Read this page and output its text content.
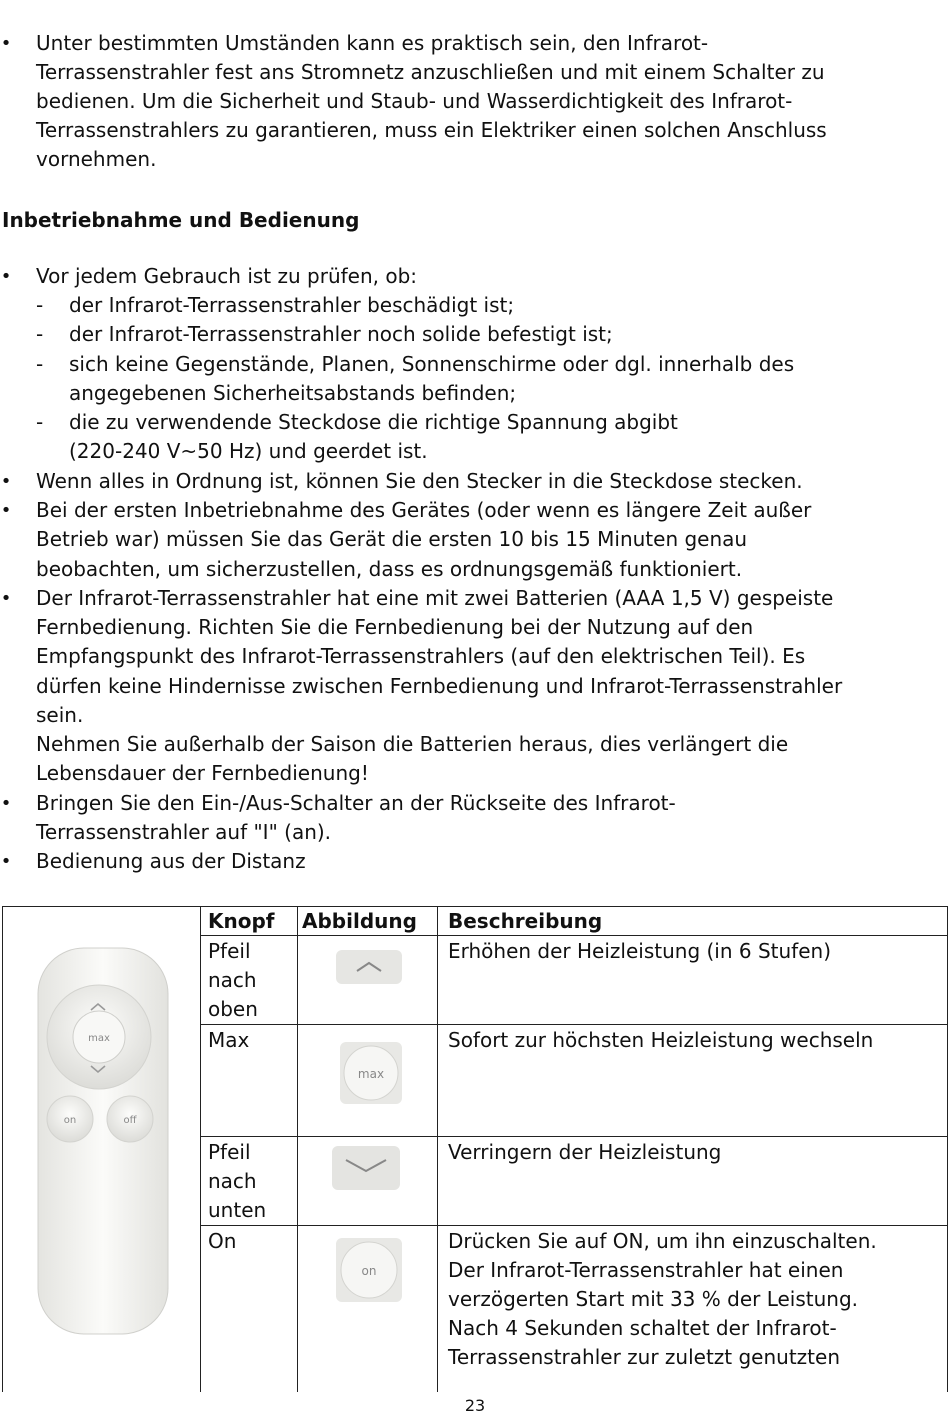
• Unter bestimmten Umständen kann es praktisch sein, den Infrarot-
Terrassenstrahler fest ans Stromnetz anzuschließen und mit einem Schalter zu
bedienen. Um die Sicherheit und Staub- und Wasserdichtigkeit des Infrarot-
Terrassenstrahlers zu garantieren, muss ein Elektriker einen solchen Anschluss
vornehmen.
Inbetriebnahme und Bedienung
• Vor jedem Gebrauch ist zu prüfen, ob:
- der Infrarot-Terrassenstrahler beschädigt ist;
- der Infrarot-Terrassenstrahler noch solide befestigt ist;
- sich keine Gegenstände, Planen, Sonnenschirme oder dgl. innerhalb des
angegebenen Sicherheitsabstands befinden;
- die zu verwendende Steckdose die richtige Spannung abgibt
(220-240 V~50 Hz) und geerdet ist.
• Wenn alles in Ordnung ist, können Sie den Stecker in die Steckdose stecken.
• Bei der ersten Inbetriebnahme des Gerätes (oder wenn es längere Zeit außer
Betrieb war) müssen Sie das Gerät die ersten 10 bis 15 Minuten genau
beobachten, um sicherzustellen, dass es ordnungsgemäß funktioniert.
• Der Infrarot-Terrassenstrahler hat eine mit zwei Batterien (AAA 1,5 V) gespeiste
Fernbedienung. Richten Sie die Fernbedienung bei der Nutzung auf den
Empfangspunkt des Infrarot-Terrassenstrahlers (auf den elektrischen Teil). Es
dürfen keine Hindernisse zwischen Fernbedienung und Infrarot-Terrassenstrahler
sein.
Nehmen Sie außerhalb der Saison die Batterien heraus, dies verlängert die
Lebensdauer der Fernbedienung!
• Bringen Sie den Ein-/Aus-Schalter an der Rückseite des Infrarot-
Terrassenstrahler auf "I" (an).
• Bedienung aus der Distanz
max
on	off
Knopf Abbildung Beschreibung
Pfeil
nach
oben
Erhöhen der Heizleistung (in 6 Stufen)
Max
max
Sofort zur höchsten Heizleistung wechseln
Pfeil
nach
unten
Verringern der Heizleistung
On
on
Drücken Sie auf ON, um ihn einzuschalten.
Der Infrarot-Terrassenstrahler hat einen
verzögerten Start mit 33 % der Leistung.
Nach 4 Sekunden schaltet der Infrarot-
Terrassenstrahler zur zuletzt genutzten
23
